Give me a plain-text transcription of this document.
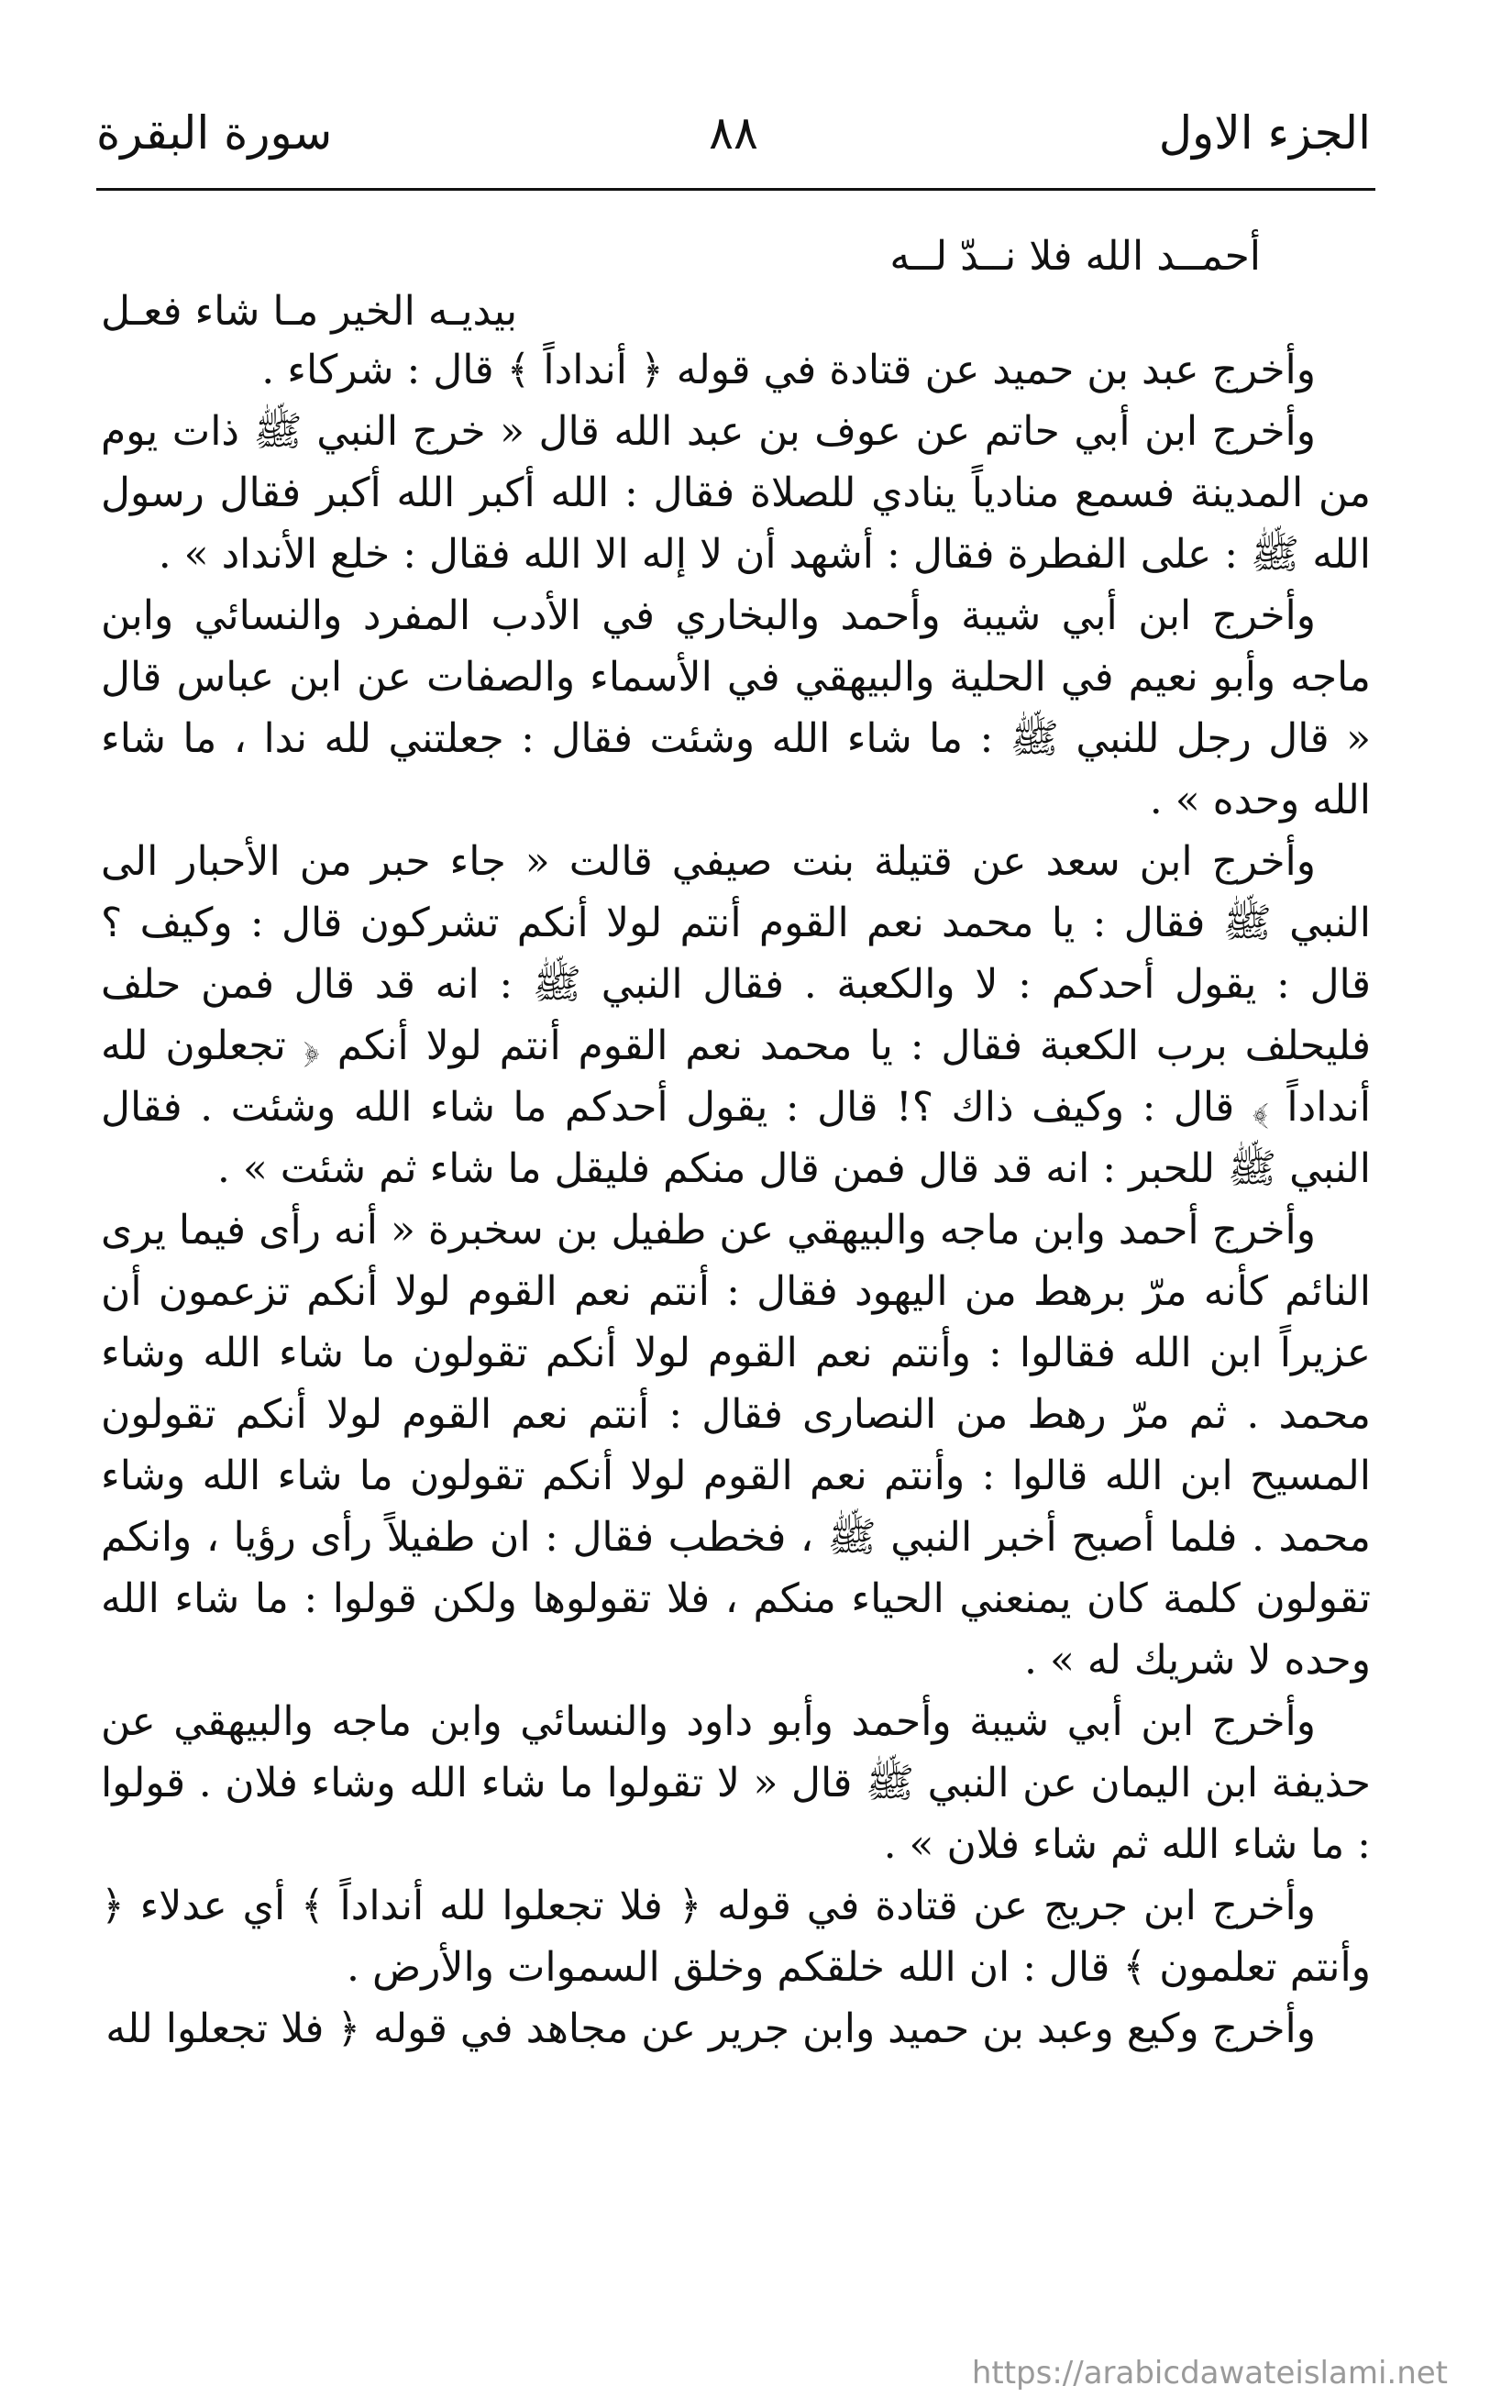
الجزء الاول
٨٨
سورة البقرة
أحمــد الله فلا نــدّ لــه
بيديـه الخير مـا شاء فعـل

وأخرج عبد بن حميد عن قتادة في قوله ﴿ أنداداً ﴾ قال : شركاء .

وأخرج ابن أبي حاتم عن عوف بن عبد الله قال « خرج النبي ﷺ ذات يوم من المدينة فسمع منادياً ينادي للصلاة فقال : الله أكبر الله أكبر فقال رسول الله ﷺ : على الفطرة فقال : أشهد أن لا إله الا الله فقال : خلع الأنداد » .

وأخرج ابن أبي شيبة وأحمد والبخاري في الأدب المفرد والنسائي وابن ماجه وأبو نعيم في الحلية والبيهقي في الأسماء والصفات عن ابن عباس قال « قال رجل للنبي ﷺ : ما شاء الله وشئت فقال : جعلتني لله ندا ، ما شاء الله وحده » .

وأخرج ابن سعد عن قتيلة بنت صيفي قالت « جاء حبر من الأحبار الى النبي ﷺ فقال : يا محمد نعم القوم أنتم لولا أنكم تشركون قال : وكيف ؟ قال : يقول أحدكم : لا والكعبة . فقال النبي ﷺ : انه قد قال فمن حلف فليحلف برب الكعبة فقال : يا محمد نعم القوم أنتم لولا أنكم ﴿ تجعلون لله أنداداً ﴾ قال : وكيف ذاك ؟! قال : يقول أحدكم ما شاء الله وشئت . فقال النبي ﷺ للحبر : انه قد قال فمن قال منكم فليقل ما شاء ثم شئت » .

وأخرج أحمد وابن ماجه والبيهقي عن طفيل بن سخبرة « أنه رأى فيما يرى النائم كأنه مرّ برهط من اليهود فقال : أنتم نعم القوم لولا أنكم تزعمون أن عزيراً ابن الله فقالوا : وأنتم نعم القوم لولا أنكم تقولون ما شاء الله وشاء محمد . ثم مرّ رهط من النصارى فقال : أنتم نعم القوم لولا أنكم تقولون المسيح ابن الله قالوا : وأنتم نعم القوم لولا أنكم تقولون ما شاء الله وشاء محمد . فلما أصبح أخبر النبي ﷺ ، فخطب فقال : ان طفيلاً رأى رؤيا ، وانكم تقولون كلمة كان يمنعني الحياء منكم ، فلا تقولوها ولكن قولوا : ما شاء الله وحده لا شريك له » .

وأخرج ابن أبي شيبة وأحمد وأبو داود والنسائي وابن ماجه والبيهقي عن حذيفة ابن اليمان عن النبي ﷺ قال « لا تقولوا ما شاء الله وشاء فلان . قولوا : ما شاء الله ثم شاء فلان » .

وأخرج ابن جريج عن قتادة في قوله ﴿ فلا تجعلوا لله أنداداً ﴾ أي عدلاء ﴿ وأنتم تعلمون ﴾ قال : ان الله خلقكم وخلق السموات والأرض .

وأخرج وكيع وعبد بن حميد وابن جرير عن مجاهد في قوله ﴿ فلا تجعلوا لله

https://arabicdawateislami.net
